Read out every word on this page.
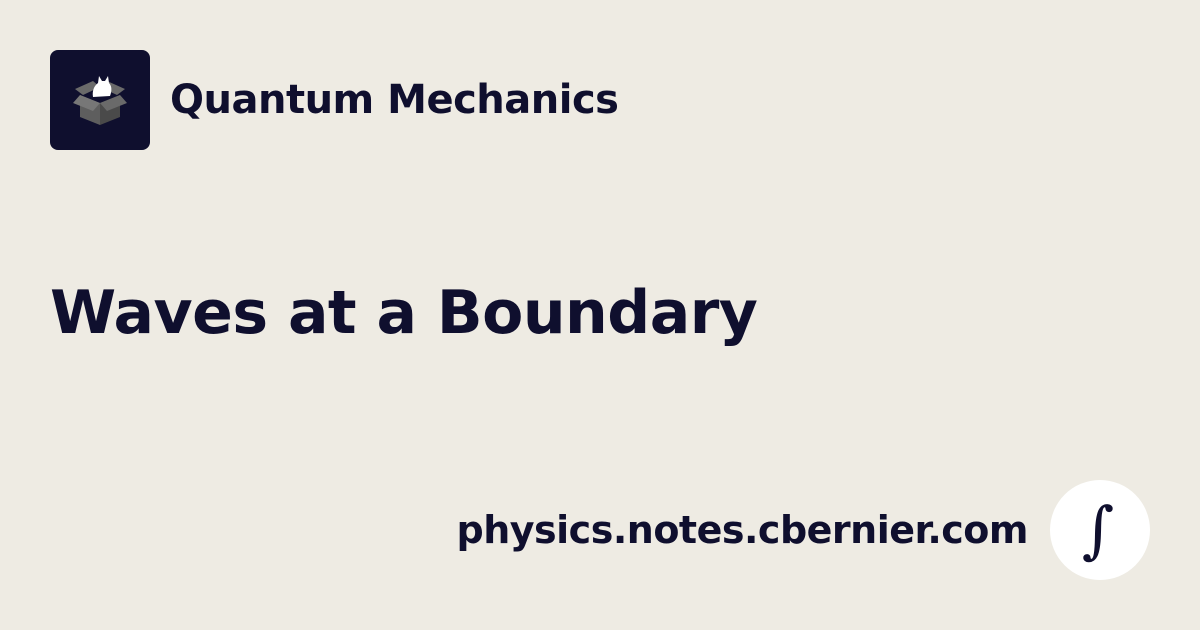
Quantum Mechanics
Waves at a Boundary
physics.notes.cbernier.com ∫
